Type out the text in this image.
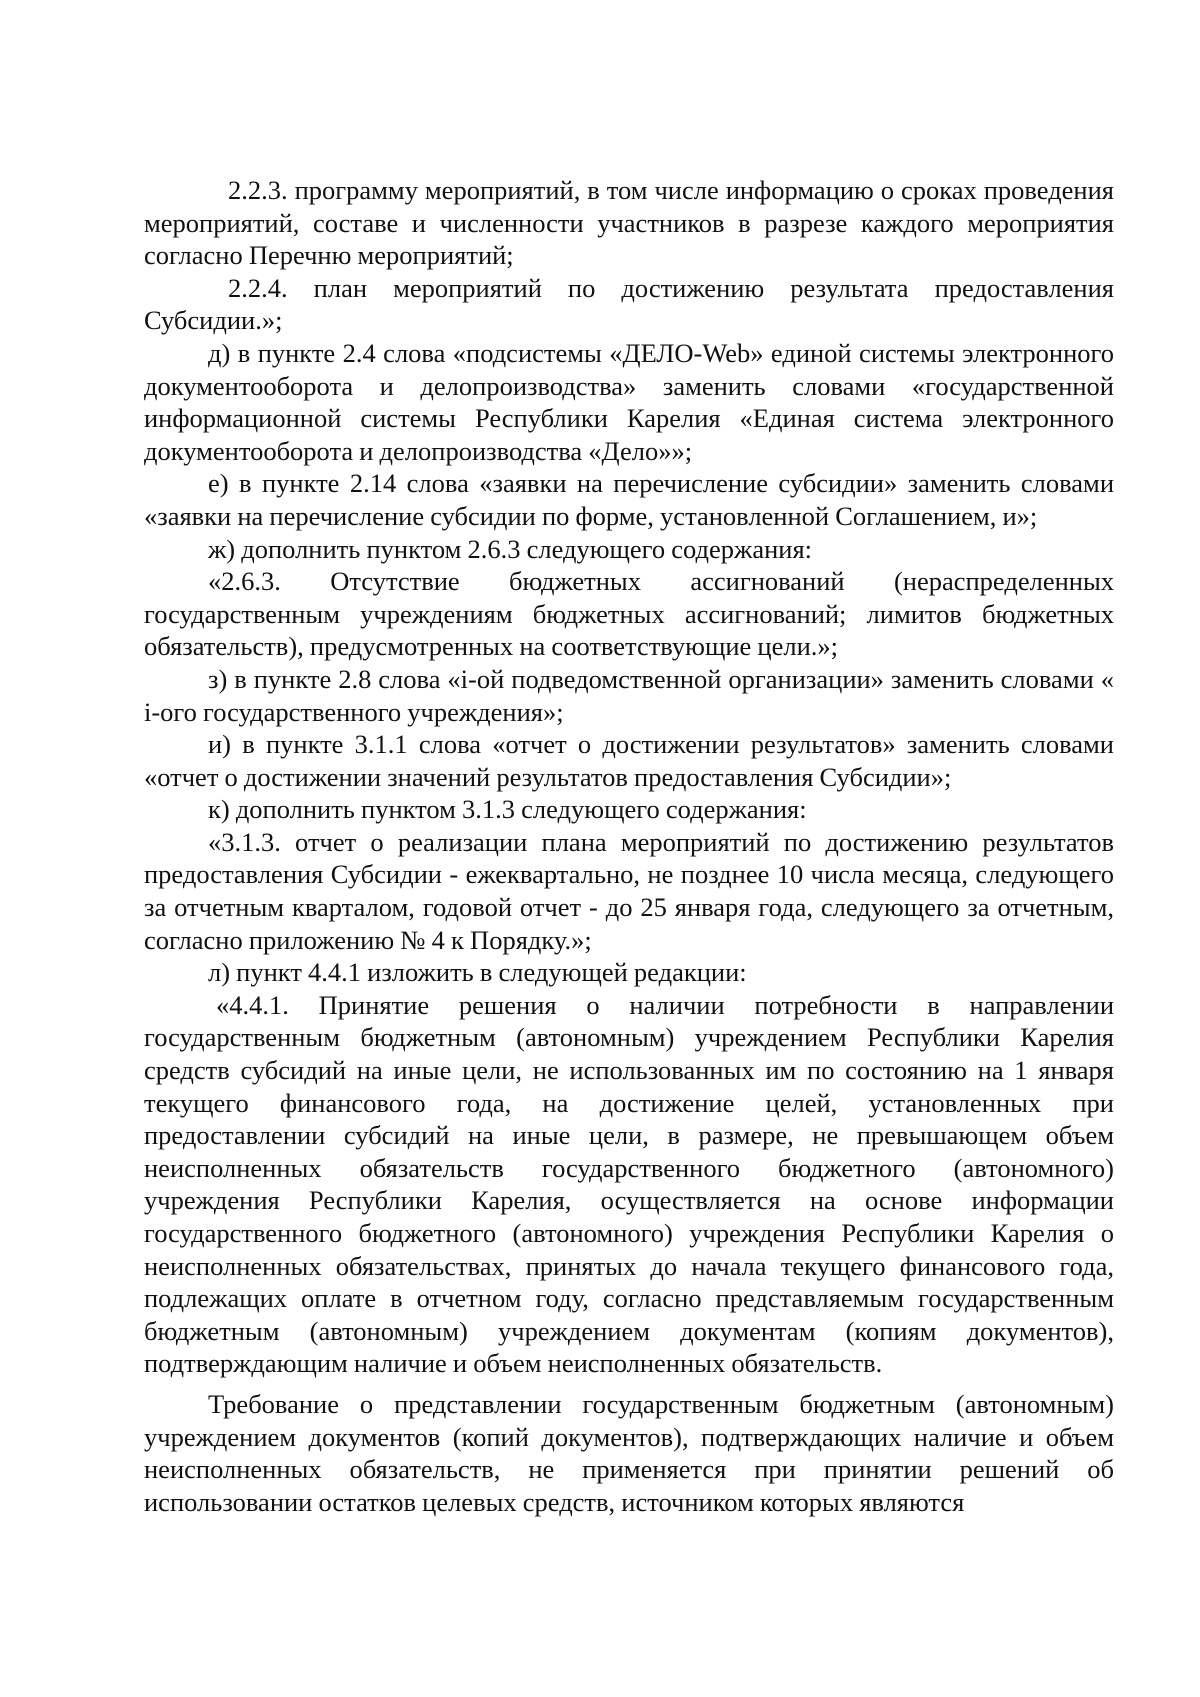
2.2.3. программу мероприятий, в том числе информацию о сроках проведения мероприятий, составе и численности участников в разрезе каждого мероприятия согласно Перечню мероприятий;

2.2.4. план мероприятий по достижению результата предоставления Субсидии.»;

д) в пункте 2.4 слова «подсистемы «ДЕЛО-Web» единой системы электронного документооборота и делопроизводства» заменить словами «государственной информационной системы Республики Карелия «Единая система электронного документооборота и делопроизводства «Дело»»;

е) в пункте 2.14 слова «заявки на перечисление субсидии» заменить словами «заявки на перечисление субсидии по форме, установленной Соглашением, и»;

ж) дополнить пунктом 2.6.3 следующего содержания:

«2.6.3. Отсутствие бюджетных ассигнований (нераспределенных государственным учреждениям бюджетных ассигнований; лимитов бюджетных обязательств), предусмотренных на соответствующие цели.»;

з) в пункте 2.8 слова «i-ой подведомственной организации» заменить словами « i-ого государственного учреждения»;

и) в пункте 3.1.1 слова «отчет о достижении результатов» заменить словами «отчет о достижении значений результатов предоставления Субсидии»;

к) дополнить пунктом 3.1.3 следующего содержания:

«3.1.3. отчет о реализации плана мероприятий по достижению результатов предоставления Субсидии - ежеквартально, не позднее 10 числа месяца, следующего за отчетным кварталом, годовой отчет - до 25 января года, следующего за отчетным, согласно приложению № 4 к Порядку.»;

л) пункт 4.4.1 изложить в следующей редакции:

«4.4.1. Принятие решения о наличии потребности в направлении государственным бюджетным (автономным) учреждением Республики Карелия средств субсидий на иные цели, не использованных им по состоянию на 1 января текущего финансового года, на достижение целей, установленных при предоставлении субсидий на иные цели, в размере, не превышающем объем неисполненных обязательств государственного бюджетного (автономного) учреждения Республики Карелия, осуществляется на основе информации государственного бюджетного (автономного) учреждения Республики Карелия о неисполненных обязательствах, принятых до начала текущего финансового года, подлежащих оплате в отчетном году, согласно представляемым государственным бюджетным (автономным) учреждением документам (копиям документов), подтверждающим наличие и объем неисполненных обязательств.

Требование о представлении государственным бюджетным (автономным) учреждением документов (копий документов), подтверждающих наличие и объем неисполненных обязательств, не применяется при принятии решений об использовании остатков целевых средств, источником которых являются
